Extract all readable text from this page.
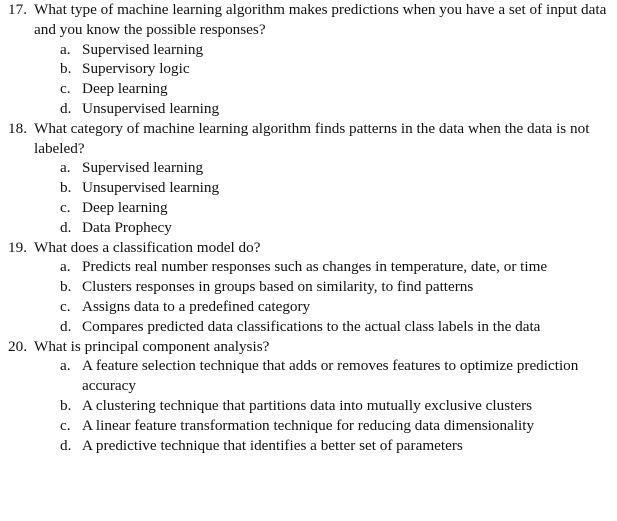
17. What type of machine learning algorithm makes predictions when you have a set of input data and you know the possible responses?

a. Supervised learning
b. Supervisory logic
c. Deep learning
d. Unsupervised learning

18. What category of machine learning algorithm finds patterns in the data when the data is not labeled?

a. Supervised learning
b. Unsupervised learning
c. Deep learning
d. Data Prophecy

19. What does a classification model do?

a. Predicts real number responses such as changes in temperature, date, or time
b. Clusters responses in groups based on similarity, to find patterns
c. Assigns data to a predefined category
d. Compares predicted data classifications to the actual class labels in the data

20. What is principal component analysis?

a. A feature selection technique that adds or removes features to optimize prediction accuracy
b. A clustering technique that partitions data into mutually exclusive clusters
c. A linear feature transformation technique for reducing data dimensionality
d. A predictive technique that identifies a better set of parameters
